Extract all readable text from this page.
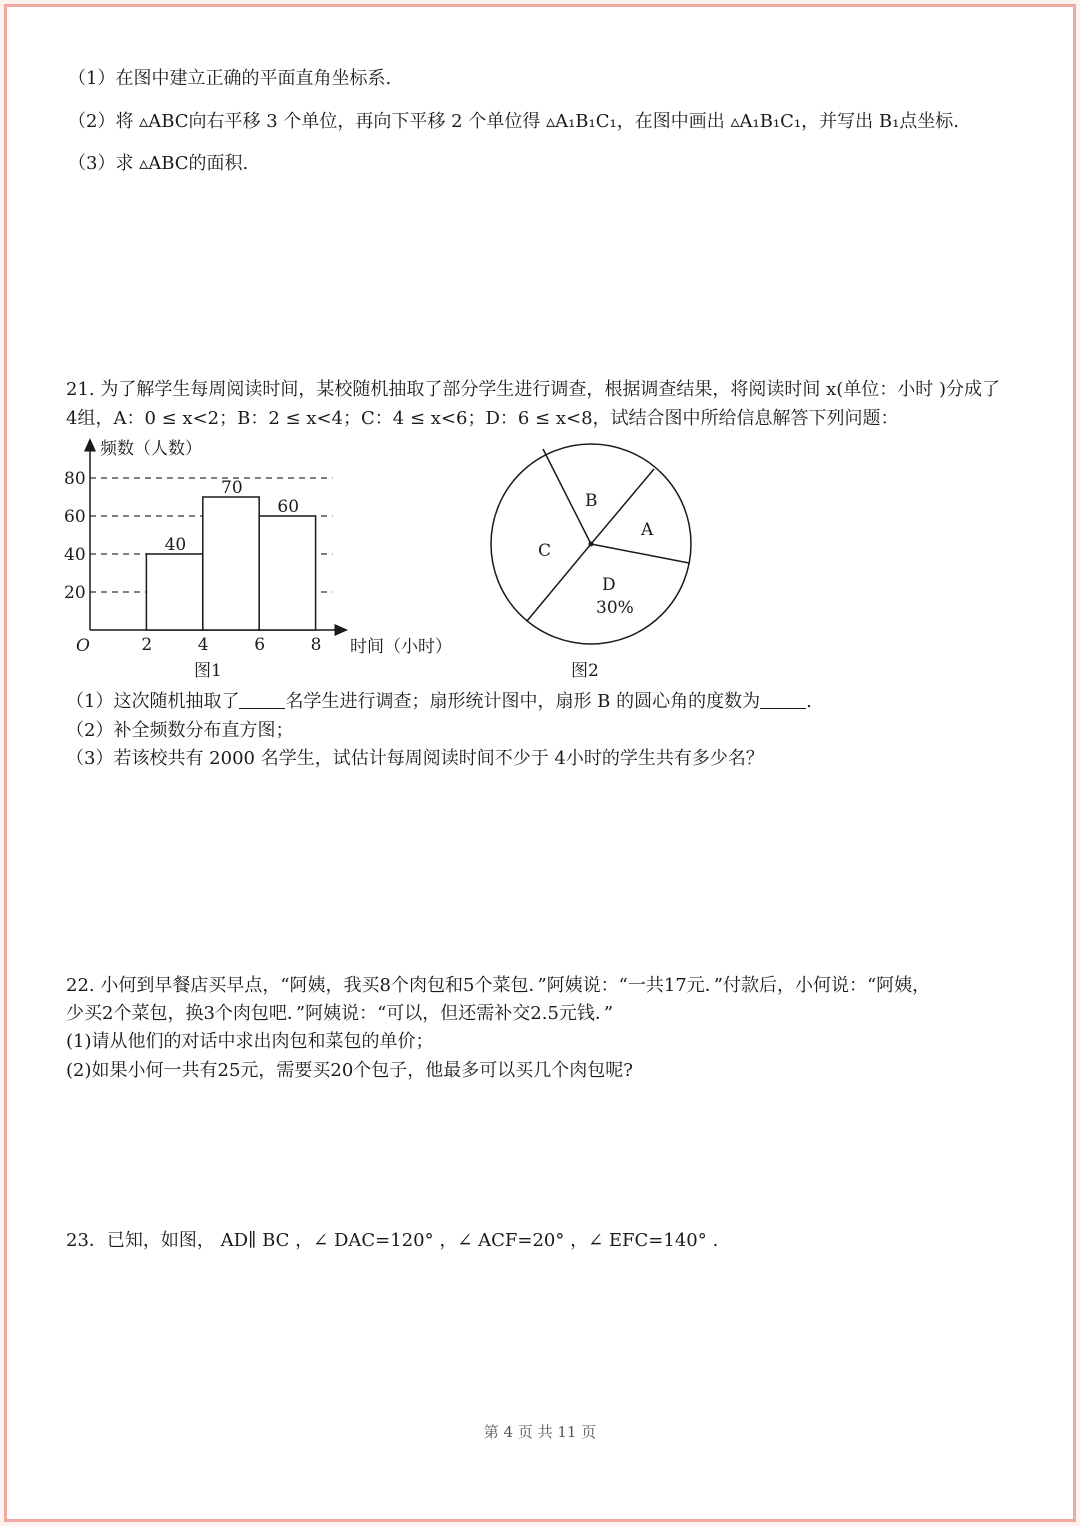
（1）在图中建立正确的平面直角坐标系.
（2）将 ▵ABC向右平移 3 个单位，再向下平移 2 个单位得 ▵A₁B₁C₁，在图中画出 ▵A₁B₁C₁，并写出 B₁点坐标.
（3）求 ▵ABC的面积.
21. 为了解学生每周阅读时间，某校随机抽取了部分学生进行调查，根据调查结果，将阅读时间 x(单位：小时 )分成了
4组，A：0 ≤ x<2；B：2 ≤ x<4；C：4 ≤ x<6；D：6 ≤ x<8，试结合图中所给信息解答下列问题：
20
40
60
80
2	4	6	8
40
70
60
频数（人数）
时间（小时）
O
图1
A
B
C
D
30%
图2
（1）这次随机抽取了	名学生进行调查；扇形统计图中，扇形 B 的圆心角的度数为	.
（2）补全频数分布直方图；
（3）若该校共有 2000 名学生，试估计每周阅读时间不少于 4小时的学生共有多少名？
22. 小何到早餐店买早点，“阿姨，我买8个肉包和5个菜包．”阿姨说：“一共17元．”付款后，小何说：“阿姨，
少买2个菜包，换3个肉包吧．”阿姨说：“可以，但还需补交2.5元钱．”
(1)请从他们的对话中求出肉包和菜包的单价；
(2)如果小何一共有25元，需要买20个包子，他最多可以买几个肉包呢?
23．已知，如图， AD∥ BC ，∠ DAC=120° ，∠ ACF=20° ，∠ EFC=140° .
第 4 页 共 11 页
